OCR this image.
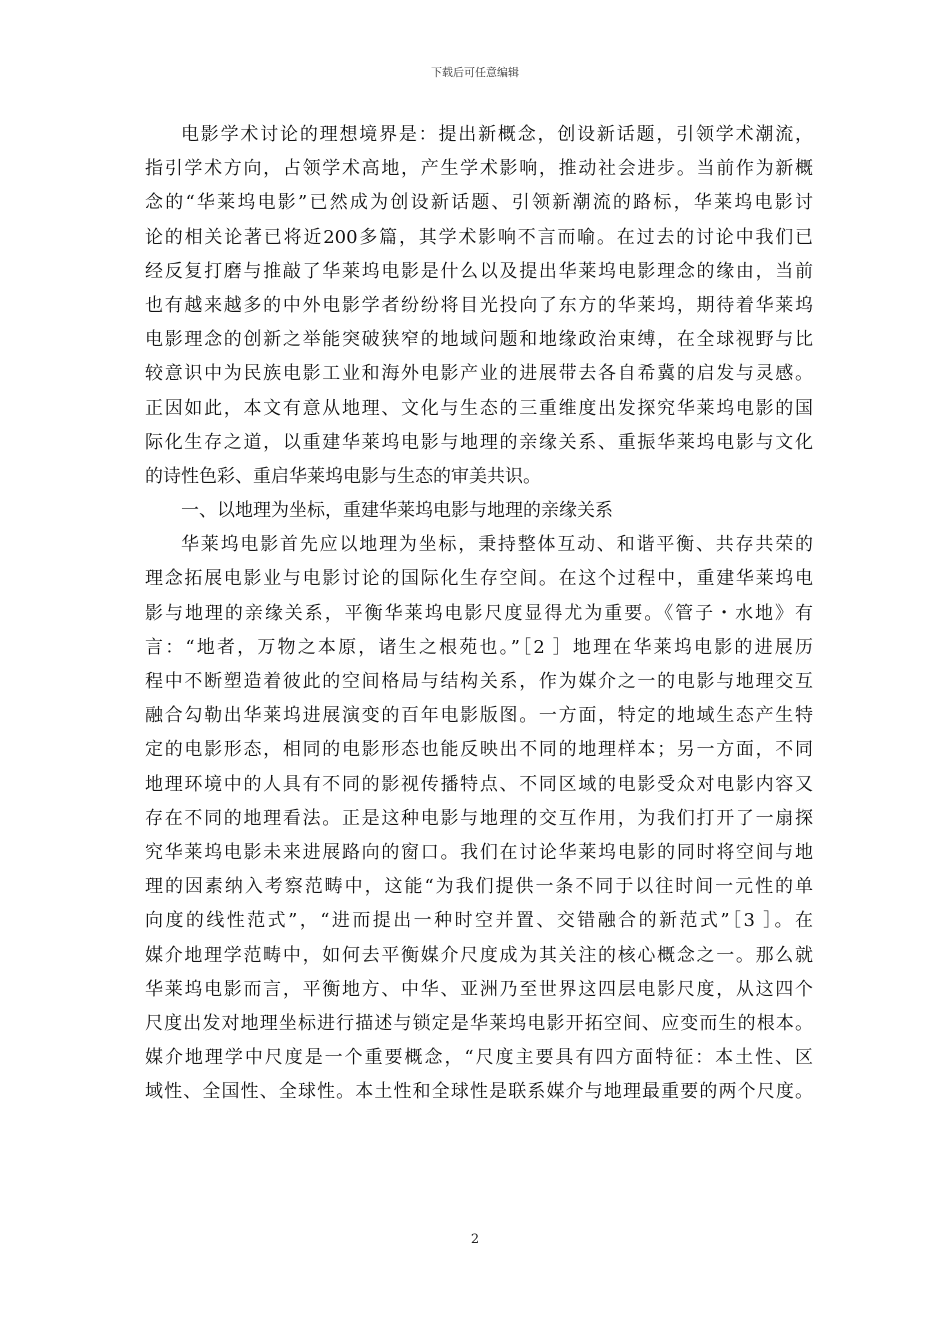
下载后可任意编辑
电影学术讨论的理想境界是：提出新概念，创设新话题，引领学术潮流，
指引学术方向，占领学术高地，产生学术影响，推动社会进步。当前作为新概
念的“华莱坞电影”已然成为创设新话题、引领新潮流的路标，华莱坞电影讨
论的相关论著已将近200多篇，其学术影响不言而喻。在过去的讨论中我们已
经反复打磨与推敲了华莱坞电影是什么以及提出华莱坞电影理念的缘由，当前
也有越来越多的中外电影学者纷纷将目光投向了东方的华莱坞，期待着华莱坞
电影理念的创新之举能突破狭窄的地域问题和地缘政治束缚，在全球视野与比
较意识中为民族电影工业和海外电影产业的进展带去各自希冀的启发与灵感。
正因如此，本文有意从地理、文化与生态的三重维度出发探究华莱坞电影的国
际化生存之道，以重建华莱坞电影与地理的亲缘关系、重振华莱坞电影与文化
的诗性色彩、重启华莱坞电影与生态的审美共识。
一、以地理为坐标，重建华莱坞电影与地理的亲缘关系
华莱坞电影首先应以地理为坐标，秉持整体互动、和谐平衡、共存共荣的
理念拓展电影业与电影讨论的国际化生存空间。在这个过程中，重建华莱坞电
影与地理的亲缘关系，平衡华莱坞电影尺度显得尤为重要。《管子・水地》有
言：“地者，万物之本原，诸生之根苑也。”［2 ］地理在华莱坞电影的进展历
程中不断塑造着彼此的空间格局与结构关系，作为媒介之一的电影与地理交互
融合勾勒出华莱坞进展演变的百年电影版图。一方面，特定的地域生态产生特
定的电影形态，相同的电影形态也能反映出不同的地理样本；另一方面，不同
地理环境中的人具有不同的影视传播特点、不同区域的电影受众对电影内容又
存在不同的地理看法。正是这种电影与地理的交互作用，为我们打开了一扇探
究华莱坞电影未来进展路向的窗口。我们在讨论华莱坞电影的同时将空间与地
理的因素纳入考察范畴中，这能“为我们提供一条不同于以往时间一元性的单
向度的线性范式”，“进而提出一种时空并置、交错融合的新范式”［3 ］。在
媒介地理学范畴中，如何去平衡媒介尺度成为其关注的核心概念之一。那么就
华莱坞电影而言，平衡地方、中华、亚洲乃至世界这四层电影尺度，从这四个
尺度出发对地理坐标进行描述与锁定是华莱坞电影开拓空间、应变而生的根本。
媒介地理学中尺度是一个重要概念，“尺度主要具有四方面特征：本土性、区
域性、全国性、全球性。本土性和全球性是联系媒介与地理最重要的两个尺度。
2
